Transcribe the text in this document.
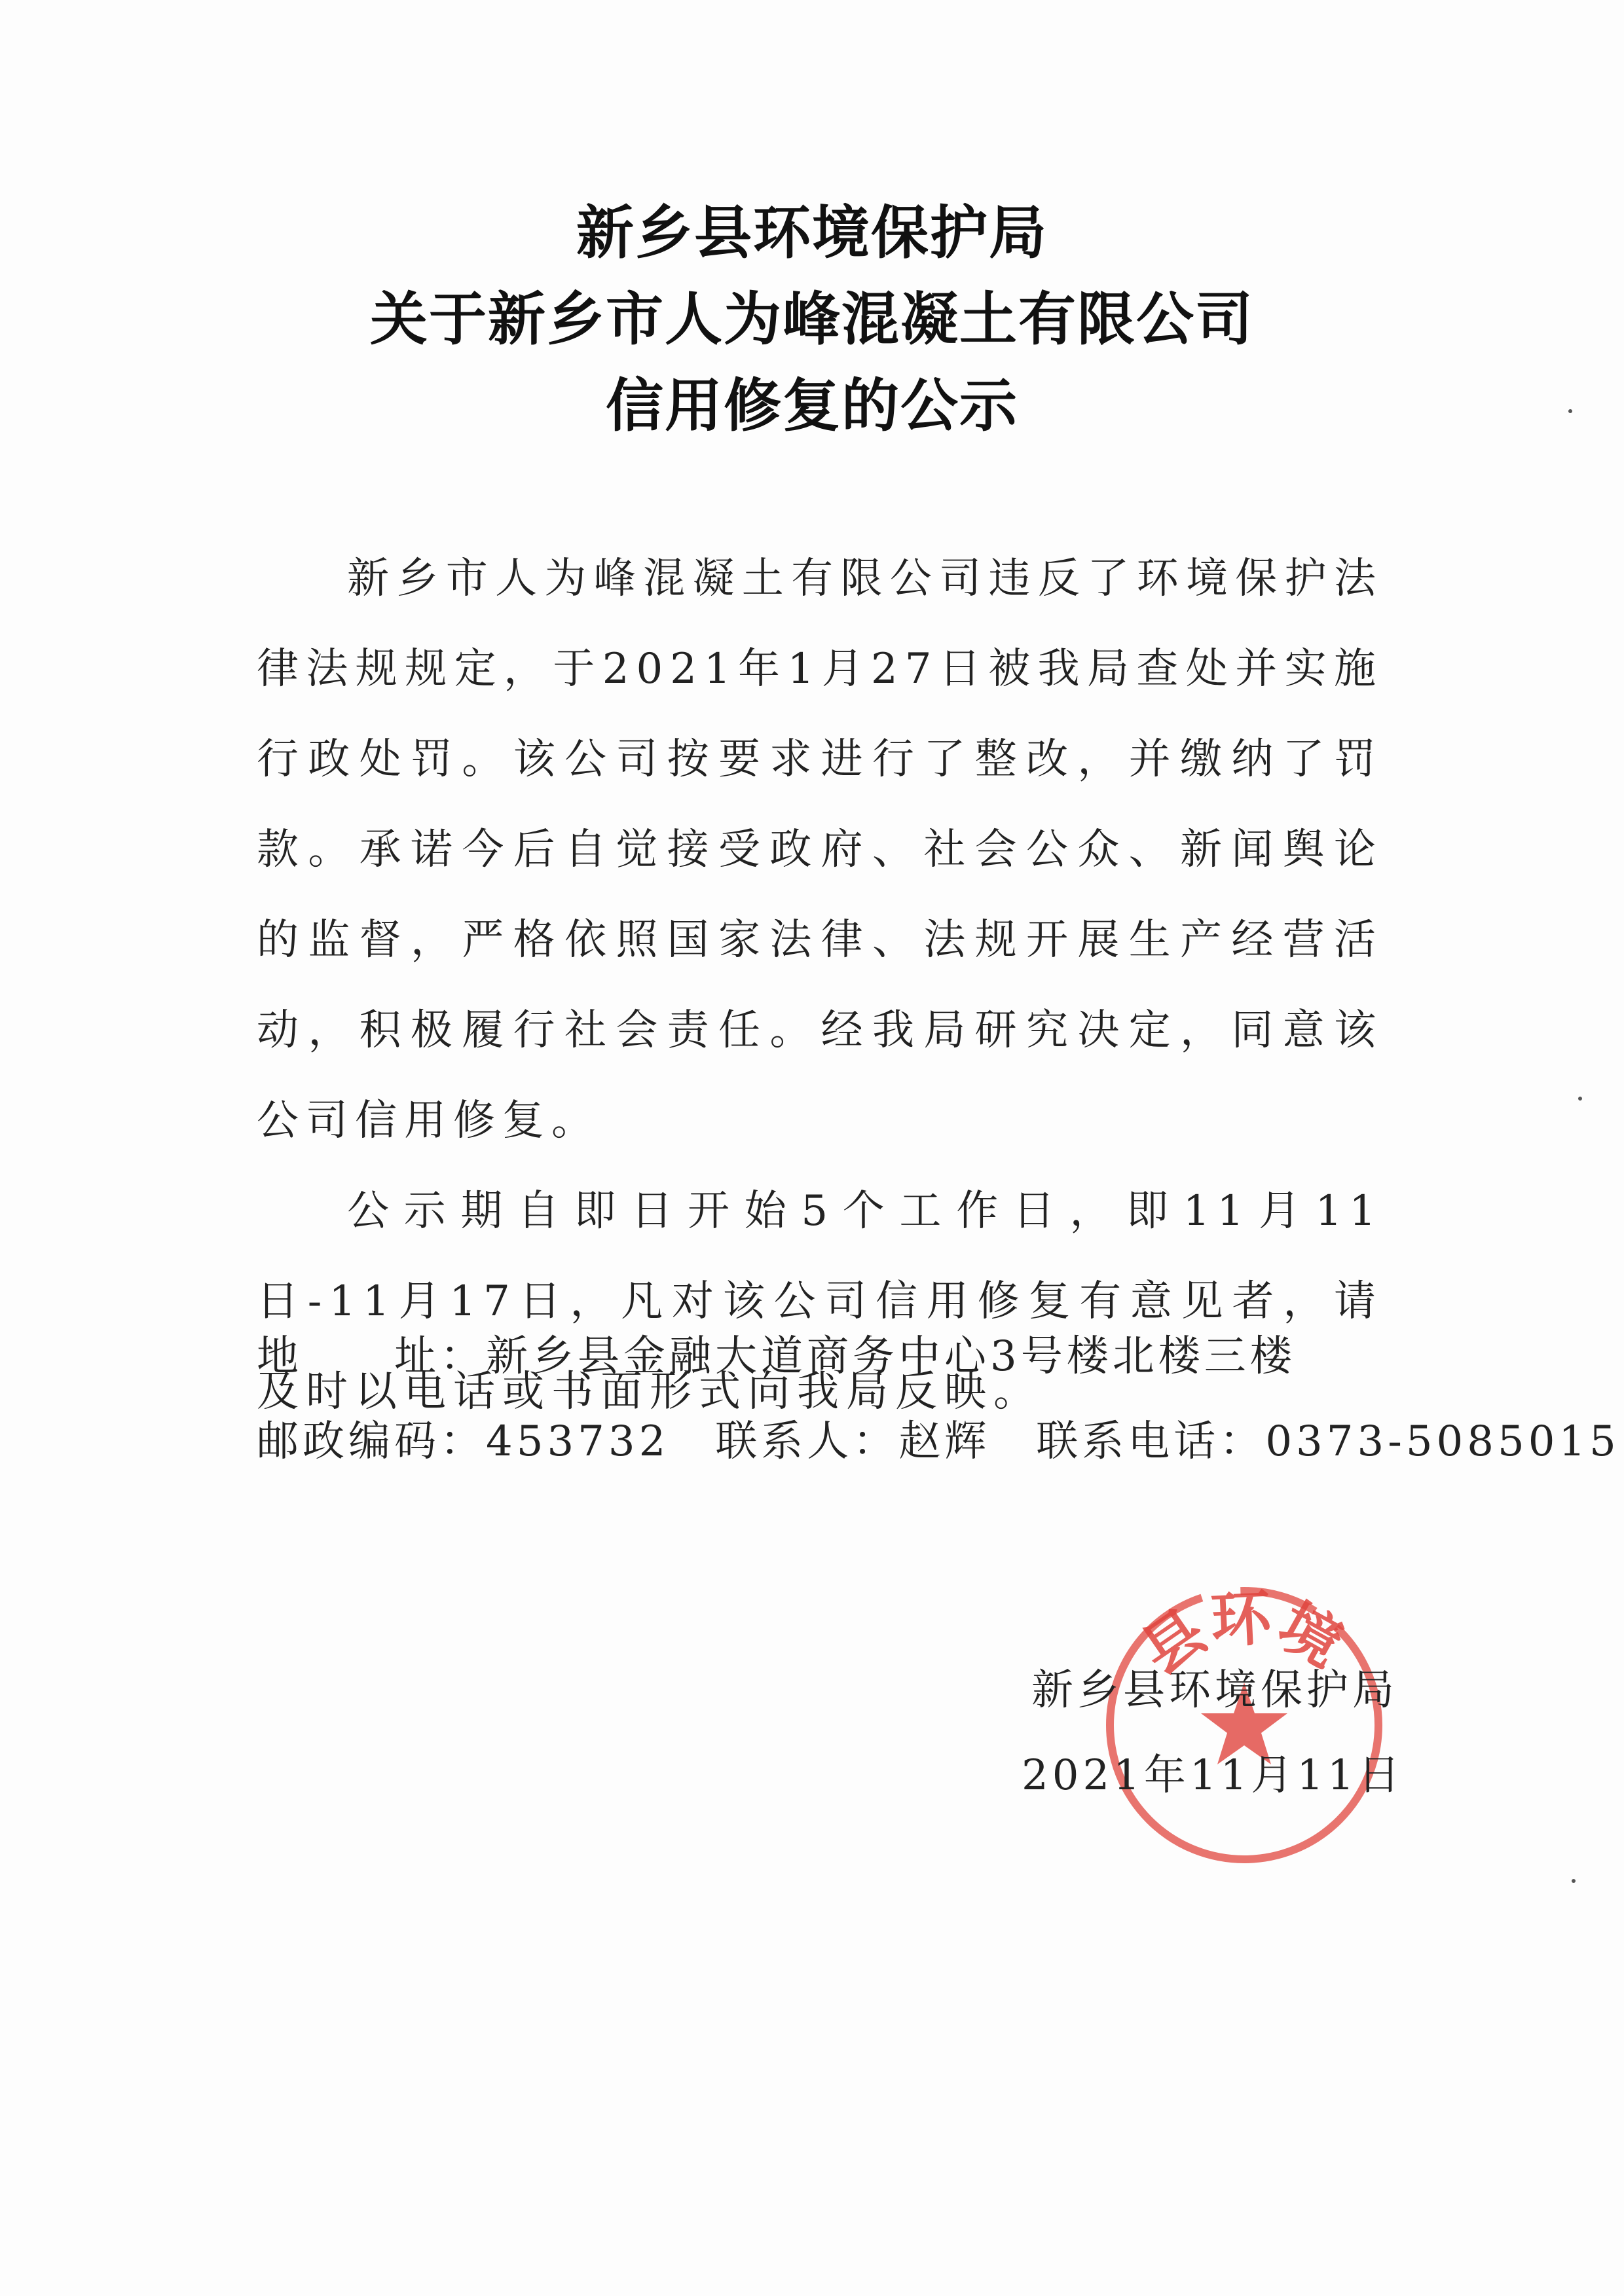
新乡县环境保护局
关于新乡市人为峰混凝土有限公司
信用修复的公示

新乡市人为峰混凝土有限公司违反了环境保护法律法规规定，于2021年1月27日被我局查处并实施行政处罚。该公司按要求进行了整改，并缴纳了罚款。承诺今后自觉接受政府、社会公众、新闻舆论的监督，严格依照国家法律、法规开展生产经营活动，积极履行社会责任。经我局研究决定，同意该公司信用修复。

公示期自即日开始5个工作日，即11月11日-11月17日，凡对该公司信用修复有意见者，请及时以电话或书面形式向我局反映。

地　　址：新乡县金融大道商务中心3号楼北楼三楼
邮政编码：453732 联系人：赵辉 联系电话：0373-5085015
县环境
新乡县环境保护局
2021年11月11日
